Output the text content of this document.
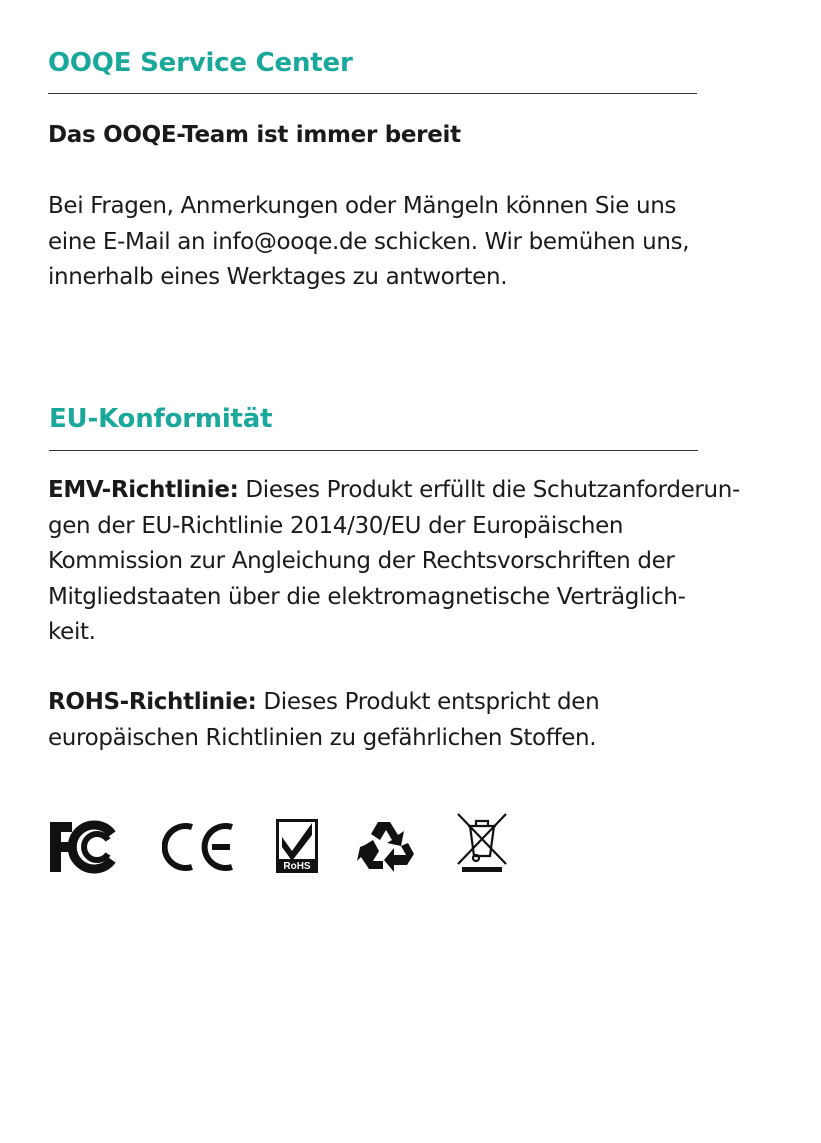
OOQE Service Center

Das OOQE-Team ist immer bereit

Bei Fragen, Anmerkungen oder Mängeln können Sie uns
eine E-Mail an info@ooqe.de schicken. Wir bemühen uns,
innerhalb eines Werktages zu antworten.

EU-Konformität

EMV-Richtlinie: Dieses Produkt erfüllt die Schutzanforderun-
gen der EU-Richtlinie 2014/30/EU der Europäischen
Kommission zur Angleichung der Rechtsvorschriften der
Mitgliedstaaten über die elektromagnetische Verträglich-
keit.

ROHS-Richtlinie: Dieses Produkt entspricht den
europäischen Richtlinien zu gefährlichen Stoffen.

RoHS
